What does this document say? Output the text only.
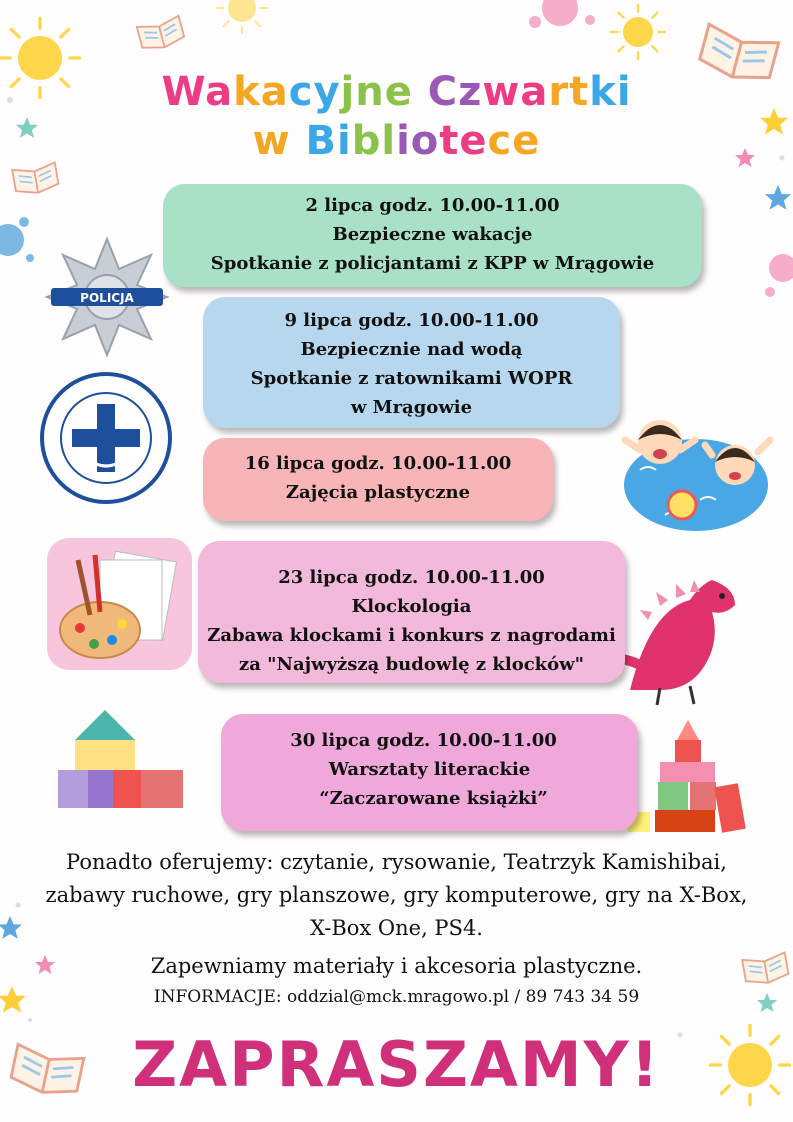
POLICJA
Wakacyjne Czwartki
w Bibliotece
2 lipca godz. 10.00-11.00
Bezpieczne wakacje
Spotkanie z policjantami z KPP w Mrągowie
9 lipca godz. 10.00-11.00
Bezpiecznie nad wodą
Spotkanie z ratownikami WOPR
w Mrągowie
16 lipca godz. 10.00-11.00
Zajęcia plastyczne
23 lipca godz. 10.00-11.00
Klockologia
Zabawa klockami i konkurs z nagrodami
za "Najwyższą budowlę z klocków"
30 lipca godz. 10.00-11.00
Warsztaty literackie
“Zaczarowane książki”
Ponadto oferujemy: czytanie, rysowanie, Teatrzyk Kamishibai,
zabawy ruchowe, gry planszowe, gry komputerowe, gry na X-Box,
X-Box One, PS4.
Zapewniamy materiały i akcesoria plastyczne.
INFORMACJE: oddzial@mck.mragowo.pl / 89 743 34 59
ZAPRASZAMY!
